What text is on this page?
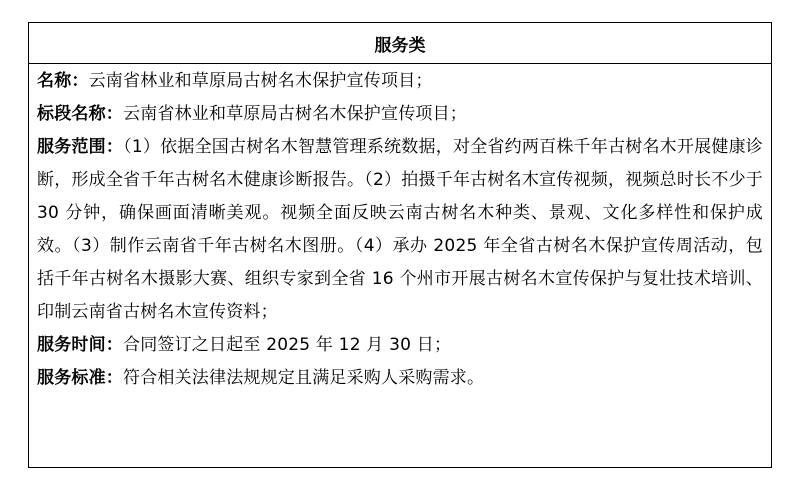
服务类

名称：云南省林业和草原局古树名木保护宣传项目；

标段名称：云南省林业和草原局古树名木保护宣传项目；

服务范围：（1）依据全国古树名木智慧管理系统数据，对全省约两百株千年古树名木开展健康诊断，形成全省千年古树名木健康诊断报告。（2）拍摄千年古树名木宣传视频，视频总时长不少于 30 分钟，确保画面清晰美观。视频全面反映云南古树名木种类、景观、文化多样性和保护成效。（3）制作云南省千年古树名木图册。（4）承办 2025 年全省古树名木保护宣传周活动，包括千年古树名木摄影大赛、组织专家到全省 16 个州市开展古树名木宣传保护与复壮技术培训、印制云南省古树名木宣传资料；

服务时间：合同签订之日起至 2025 年 12 月 30 日；

服务标准：符合相关法律法规规定且满足采购人采购需求。
